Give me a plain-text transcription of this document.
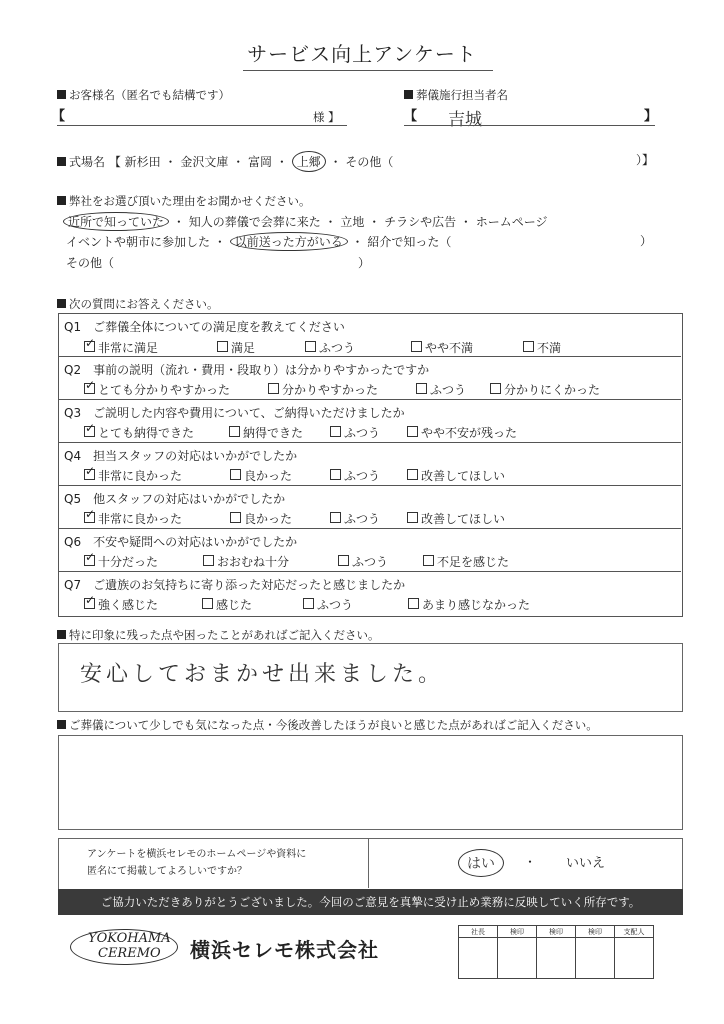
サービス向上アンケート
お客様名（匿名でも結構です）
【	様 】
葬儀施行担当者名
【 吉城	】
式場名 【 新杉田 ・ 金沢文庫 ・ 富岡 ・ 上郷 ・ その他（	）】
弊社をお選び頂いた理由をお聞かせください。
近所で知っていた ・ 知人の葬儀で会葬に来た ・ 立地 ・ チラシや広告 ・ ホームページ
イベントや朝市に参加した ・ 以前送った方がいる ・ 紹介で知った（	）
その他（	）
次の質問にお答えください。
Q1　 ご葬儀全体についての満足度を教えてください
✓非常に満足	満足	ふつう	やや不満	不満
Q2　 事前の説明（流れ・費用・段取り）は分かりやすかったですか
✓とても分かりやすかった	分かりやすかった	ふつう	分かりにくかった
Q3　 ご説明した内容や費用について、ご納得いただけましたか
✓とても納得できた	納得できた	ふつう	やや不安が残った
Q4　 担当スタッフの対応はいかがでしたか
✓非常に良かった	良かった	ふつう	改善してほしい
Q5　 他スタッフの対応はいかがでしたか
✓非常に良かった	良かった	ふつう	改善してほしい
Q6　 不安や疑問への対応はいかがでしたか
✓十分だった	おおむね十分	ふつう	不足を感じた
Q7　 ご遺族のお気持ちに寄り添った対応だったと感じましたか
✓強く感じた	感じた	ふつう	あまり感じなかった
特に印象に残った点や困ったことがあればご記入ください。
安心しておまかせ出来ました。
ご葬儀について少しでも気になった点・今後改善したほうが良いと感じた点があればご記入ください。
アンケートを横浜セレモのホームページや資料に
匿名にて掲載してよろしいですか？	はい	・ いいえ
ご協力いただきありがとうございました。今回のご意見を真摯に受け止め業務に反映していく所存です。
YOKOHAMA
CEREMO 横浜セレモ株式会社
社長	検印	検印	検印	支配人
